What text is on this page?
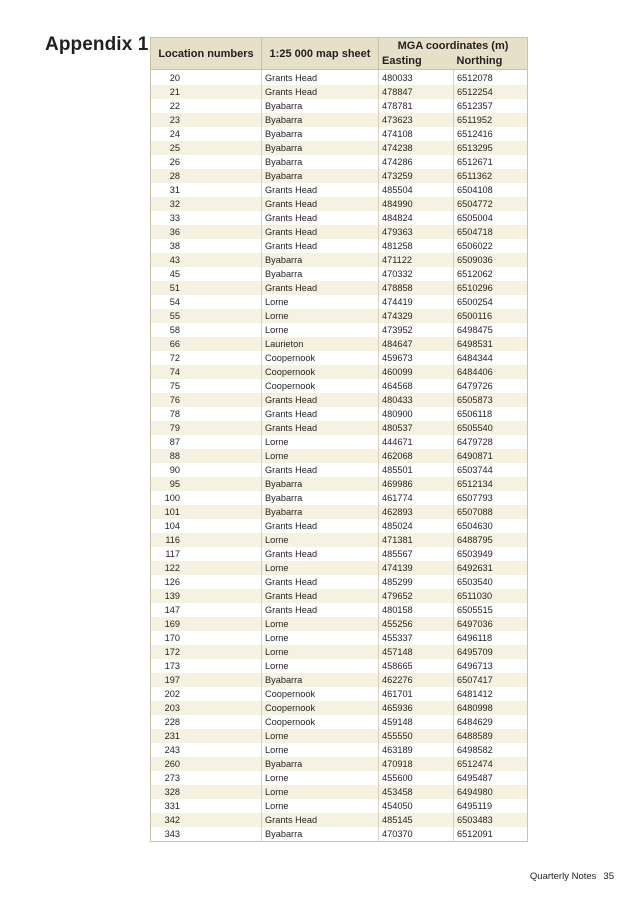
Appendix 1 Location numbers	1:25 000 map sheet	MGA coordinates (m)	
		Easting	Northing
20	Grants Head	480033	6512078
21	Grants Head	478847	6512254
22	Byabarra	478781	6512357
23	Byabarra	473623	6511952
24	Byabarra	474108	6512416
25	Byabarra	474238	6513295
26	Byabarra	474286	6512671
28	Byabarra	473259	6511362
31	Grants Head	485504	6504108
32	Grants Head	484990	6504772
33	Grants Head	484824	6505004
36	Grants Head	479363	6504718
38	Grants Head	481258	6506022
43	Byabarra	471122	6509036
45	Byabarra	470332	6512062
51	Grants Head	478858	6510296
54	Lorne	474419	6500254
55	Lorne	474329	6500116
58	Lorne	473952	6498475
66	Laurieton	484647	6498531
72	Coopernook	459673	6484344
74	Coopernook	460099	6484406
75	Coopernook	464568	6479726
76	Grants Head	480433	6505873
78	Grants Head	480900	6506118
79	Grants Head	480537	6505540
87	Lorne	444671	6479728
88	Lorne	462068	6490871
90	Grants Head	485501	6503744
95	Byabarra	469986	6512134
100	Byabarra	461774	6507793
101	Byabarra	462893	6507088
104	Grants Head	485024	6504630
116	Lorne	471381	6488795
117	Grants Head	485567	6503949
122	Lorne	474139	6492631
126	Grants Head	485299	6503540
139	Grants Head	479652	6511030
147	Grants Head	480158	6505515
169	Lorne	455256	6497036
170	Lorne	455337	6496118
172	Lorne	457148	6495709
173	Lorne	458665	6496713
197	Byabarra	462276	6507417
202	Coopernook	461701	6481412
203	Coopernook	465936	6480998
228	Coopernook	459148	6484629
231	Lorne	455550	6488589
243	Lorne	463189	6498582
260	Byabarra	470918	6512474
273	Lorne	455600	6495487
328	Lorne	453458	6494980
331	Lorne	454050	6495119
342	Grants Head	485145	6503483
343	Byabarra	470370	6512091
Quarterly Notes 35
